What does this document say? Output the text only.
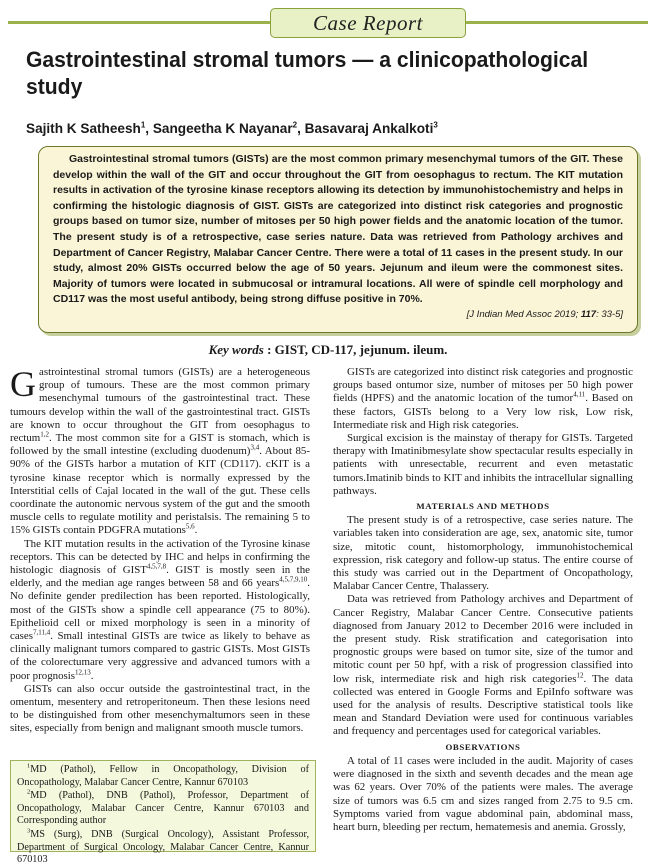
Case Report
Gastrointestinal stromal tumors — a clinicopathological study
Sajith K Satheesh$^1$, Sangeetha K Nayanar$^2$, Basavaraj Ankalkoti$^3$

Gastrointestinal stromal tumors (GISTs) are the most common primary mesenchymal tumors of the GIT. These develop within the wall of the GIT and occur throughout the GIT from oesophagus to rectum. The KIT mutation results in activation of the tyrosine kinase receptors allowing its detection by immunohistochemistry and helps in confirming the histologic diagnosis of GIST. GISTs are categorized into distinct risk categories and prognostic groups based on tumor size, number of mitoses per 50 high power fields and the anatomic location of the tumor. The present study is of a retrospective, case series nature. Data was retrieved from Pathology archives and Department of Cancer Registry, Malabar Cancer Centre. There were a total of 11 cases in the present study. In our study, almost 20% GISTs occurred below the age of 50 years. Jejunum and ileum were the commonest sites. Majority of tumors were located in submucosal or intramural locations. All were of spindle cell morphology and CD117 was the most useful antibody, being strong diffuse positive in 70%.

[J Indian Med Assoc 2019; 117: 33-5]
Key words : GIST, CD-117, jejunum. ileum.

Gastrointestinal stromal tumors (GISTs) are a heterogeneous group of tumours. These are the most common primary mesenchymal tumours of the gastrointestinal tract. These tumours develop within the wall of the gastrointestinal tract. GISTs are known to occur throughout the GIT from oesophagus to rectum$^{1,2}$. The most common site for a GIST is stomach, which is followed by the small intestine (excluding duodenum)$^{3,4}$. About 85-90% of the GISTs harbor a mutation of KIT (CD117). cKIT is a tyrosine kinase receptor which is normally expressed by the Interstitial cells of Cajal located in the wall of the gut. These cells coordinate the autonomic nervous system of the gut and the smooth muscle cells to regulate motility and peristalsis. The remaining 5 to 15% GISTs contain PDGFRA mutations$^{5,6}$.

The KIT mutation results in the activation of the Tyrosine kinase receptors. This can be detected by IHC and helps in confirming the histologic diagnosis of GIST$^{4,5,7,8}$. GIST is mostly seen in the elderly, and the median age ranges between 58 and 66 years$^{4,5,7,9,10}$. No definite gender predilection has been reported. Histologically, most of the GISTs show a spindle cell appearance (75 to 80%). Epithelioid cell or mixed morphology is seen in a minority of cases$^{7,11,4}$. Small intestinal GISTs are twice as likely to behave as clinically malignant tumors compared to gastric GISTs. Most GISTs of the colorectumare very aggressive and advanced tumors with a poor prognosis$^{12,13}$.

GISTs can also occur outside the gastrointestinal tract, in the omentum, mesentery and retroperitoneum. Then these lesions need to be distinguished from other mesenchymaltumors seen in these sites, especially from benign and malignant smooth muscle tumors.

$^1$MD (Pathol), Fellow in Oncopathology, Division of Oncopathology, Malabar Cancer Centre, Kannur 670103

$^2$MD (Pathol), DNB (Pathol), Professor, Department of Oncopathology, Malabar Cancer Centre, Kannur 670103 and Corresponding author

$^3$MS (Surg), DNB (Surgical Oncology), Assistant Professor, Department of Surgical Oncology, Malabar Cancer Centre, Kannur 670103

GISTs are categorized into distinct risk categories and prognostic groups based ontumor size, number of mitoses per 50 high power fields (HPFS) and the anatomic location of the tumor$^{4,11}$. Based on these factors, GISTs belong to a Very low risk, Low risk, Intermediate risk and High risk categories.

Surgical excision is the mainstay of therapy for GISTs. Targeted therapy with Imatinibmesylate show spectacular results especially in patients with unresectable, recurrent and even metastatic tumors.Imatinib binds to KIT and inhibits the intracellular signalling pathways.

MATERIALS AND METHODS

The present study is of a retrospective, case series nature. The variables taken into consideration are age, sex, anatomic site, tumor size, mitotic count, histomorphology, immunohistochemical expression, risk category and follow-up status. The entire course of this study was carried out in the Department of Oncopathology, Malabar Cancer Centre, Thalassery.

Data was retrieved from Pathology archives and Department of Cancer Registry, Malabar Cancer Centre. Consecutive patients diagnosed from January 2012 to December 2016 were included in the present study. Risk stratification and categorisation into prognostic groups were based on tumor site, size of the tumor and mitotic count per 50 hpf, with a risk of progression classified into low risk, intermediate risk and high risk categories$^{12}$. The data collected was entered in Google Forms and EpiInfo software was used for the analysis of results. Descriptive statistical tools like mean and Standard Deviation were used for continuous variables and frequency and percentages used for categorical variables.

OBSERVATIONS

A total of 11 cases were included in the audit. Majority of cases were diagnosed in the sixth and seventh decades and the mean age was 62 years. Over 70% of the patients were males. The average size of tumors was 6.5 cm and sizes ranged from 2.75 to 9.5 cm. Symptoms varied from vague abdominal pain, abdominal mass, heart burn, bleeding per rectum, hematemesis and anemia. Grossly,
